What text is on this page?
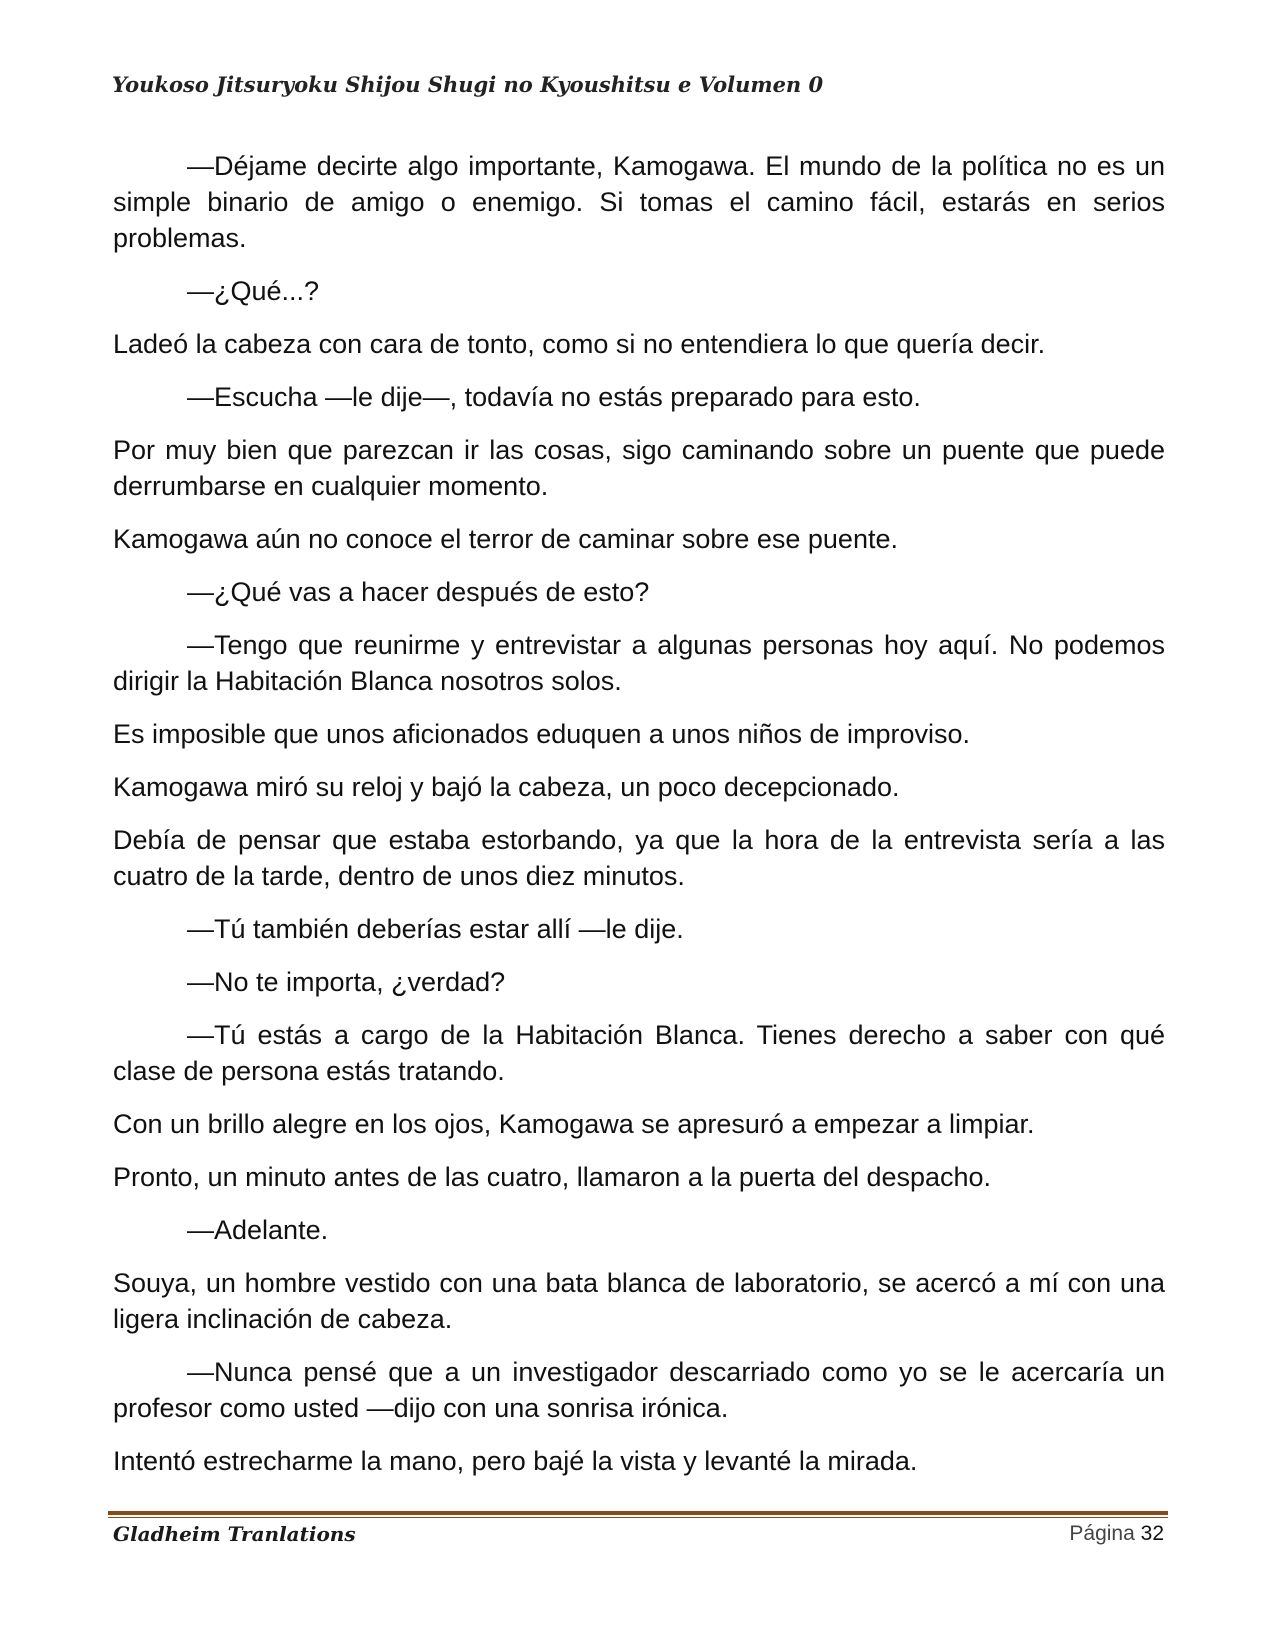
Youkoso Jitsuryoku Shijou Shugi no Kyoushitsu e Volumen 0

—Déjame decirte algo importante, Kamogawa. El mundo de la política no es un simple binario de amigo o enemigo. Si tomas el camino fácil, estarás en serios problemas.

—¿Qué...?

Ladeó la cabeza con cara de tonto, como si no entendiera lo que quería decir.

—Escucha —le dije—, todavía no estás preparado para esto.

Por muy bien que parezcan ir las cosas, sigo caminando sobre un puente que puede derrumbarse en cualquier momento.

Kamogawa aún no conoce el terror de caminar sobre ese puente.

—¿Qué vas a hacer después de esto?

—Tengo que reunirme y entrevistar a algunas personas hoy aquí. No podemos dirigir la Habitación Blanca nosotros solos.

Es imposible que unos aficionados eduquen a unos niños de improviso.

Kamogawa miró su reloj y bajó la cabeza, un poco decepcionado.

Debía de pensar que estaba estorbando, ya que la hora de la entrevista sería a las cuatro de la tarde, dentro de unos diez minutos.

—Tú también deberías estar allí —le dije.

—No te importa, ¿verdad?

—Tú estás a cargo de la Habitación Blanca. Tienes derecho a saber con qué clase de persona estás tratando.

Con un brillo alegre en los ojos, Kamogawa se apresuró a empezar a limpiar.

Pronto, un minuto antes de las cuatro, llamaron a la puerta del despacho.

—Adelante.

Souya, un hombre vestido con una bata blanca de laboratorio, se acercó a mí con una ligera inclinación de cabeza.

—Nunca pensé que a un investigador descarriado como yo se le acercaría un profesor como usted —dijo con una sonrisa irónica.

Intentó estrecharme la mano, pero bajé la vista y levanté la mirada.

Gladheim Tranlations	Página 32
